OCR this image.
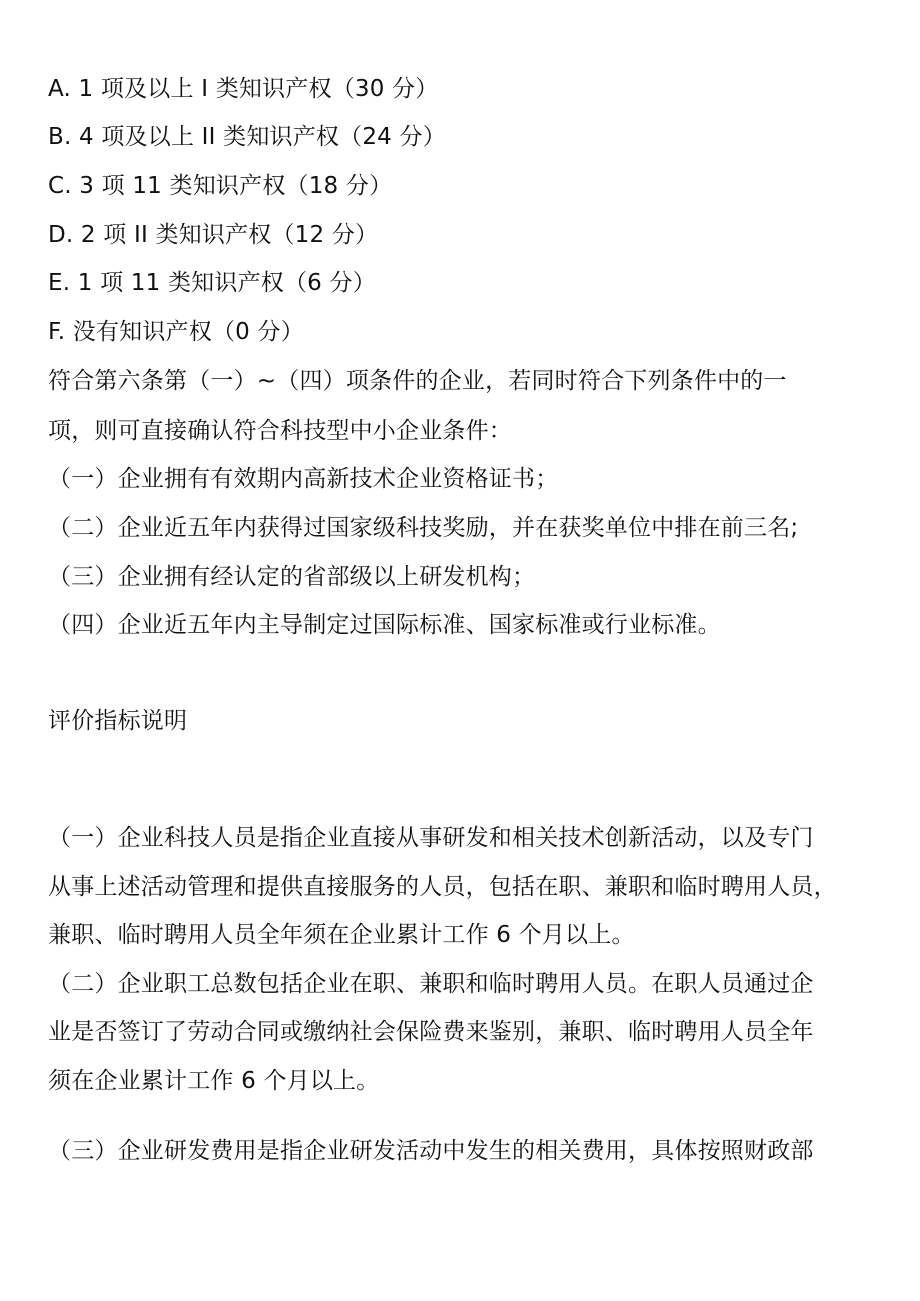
A. 1 项及以上 I 类知识产权（30 分）
B. 4 项及以上 II 类知识产权（24 分）
C. 3 项 11 类知识产权（18 分）
D. 2 项 II 类知识产权（12 分）
E. 1 项 11 类知识产权（6 分）
F. 没有知识产权（0 分）
符合第六条第（一）~（四）项条件的企业，若同时符合下列条件中的一
项，则可直接确认符合科技型中小企业条件：
（一）企业拥有有效期内高新技术企业资格证书；
（二）企业近五年内获得过国家级科技奖励，并在获奖单位中排在前三名;
（三）企业拥有经认定的省部级以上研发机构；
（四）企业近五年内主导制定过国际标准、国家标准或行业标准。
评价指标说明
（一）企业科技人员是指企业直接从事研发和相关技术创新活动，以及专门
从事上述活动管理和提供直接服务的人员，包括在职、兼职和临时聘用人员，
兼职、临时聘用人员全年须在企业累计工作 6 个月以上。
（二）企业职工总数包括企业在职、兼职和临时聘用人员。在职人员通过企
业是否签订了劳动合同或缴纳社会保险费来鉴别，兼职、临时聘用人员全年
须在企业累计工作 6 个月以上。
（三）企业研发费用是指企业研发活动中发生的相关费用，具体按照财政部
